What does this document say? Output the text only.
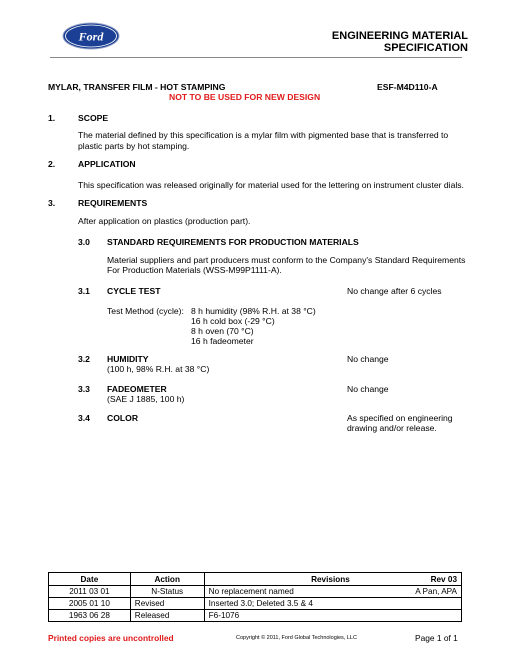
Ford	ENGINEERING MATERIAL SPECIFICATION
MYLAR, TRANSFER FILM - HOT STAMPING	ESF-M4D110-A
NOT TO BE USED FOR NEW DESIGN
1.	SCOPE
The material defined by this specification is a mylar film with pigmented base that is transferred to
plastic parts by hot stamping.
2.	APPLICATION
This specification was released originally for material used for the lettering on instrument cluster dials.
3.	REQUIREMENTS
After application on plastics (production part).
3.0 STANDARD REQUIREMENTS FOR PRODUCTION MATERIALS
Material suppliers and part producers must conform to the Company's Standard Requirements
For Production Materials (WSS-M99P1111-A).
3.1 CYCLE TEST	No change after 6 cycles
Test Method (cycle): 8 h humidity (98% R.H. at 38 °C)
16 h cold box (-29 °C)
8 h oven (70 °C)
16 h fadeometer
3.2 HUMIDITY	No change
(100 h, 98% R.H. at 38 °C)
3.3 FADEOMETER	No change
(SAE J 1885, 100 h)
3.4 COLOR	As specified on engineering
drawing and/or release.
Date	Action	Revisions	Rev 03
2011 03 01	N-Status	No replacement named	A Pan, APA
2005 01 10	Revised	Inserted 3.0; Deleted 3.5 & 4	
1963 06 28	Released	F6-1076	
Printed copies are uncontrolled	Copyright © 2011, Ford Global Technologies, LLC	Page 1 of 1
